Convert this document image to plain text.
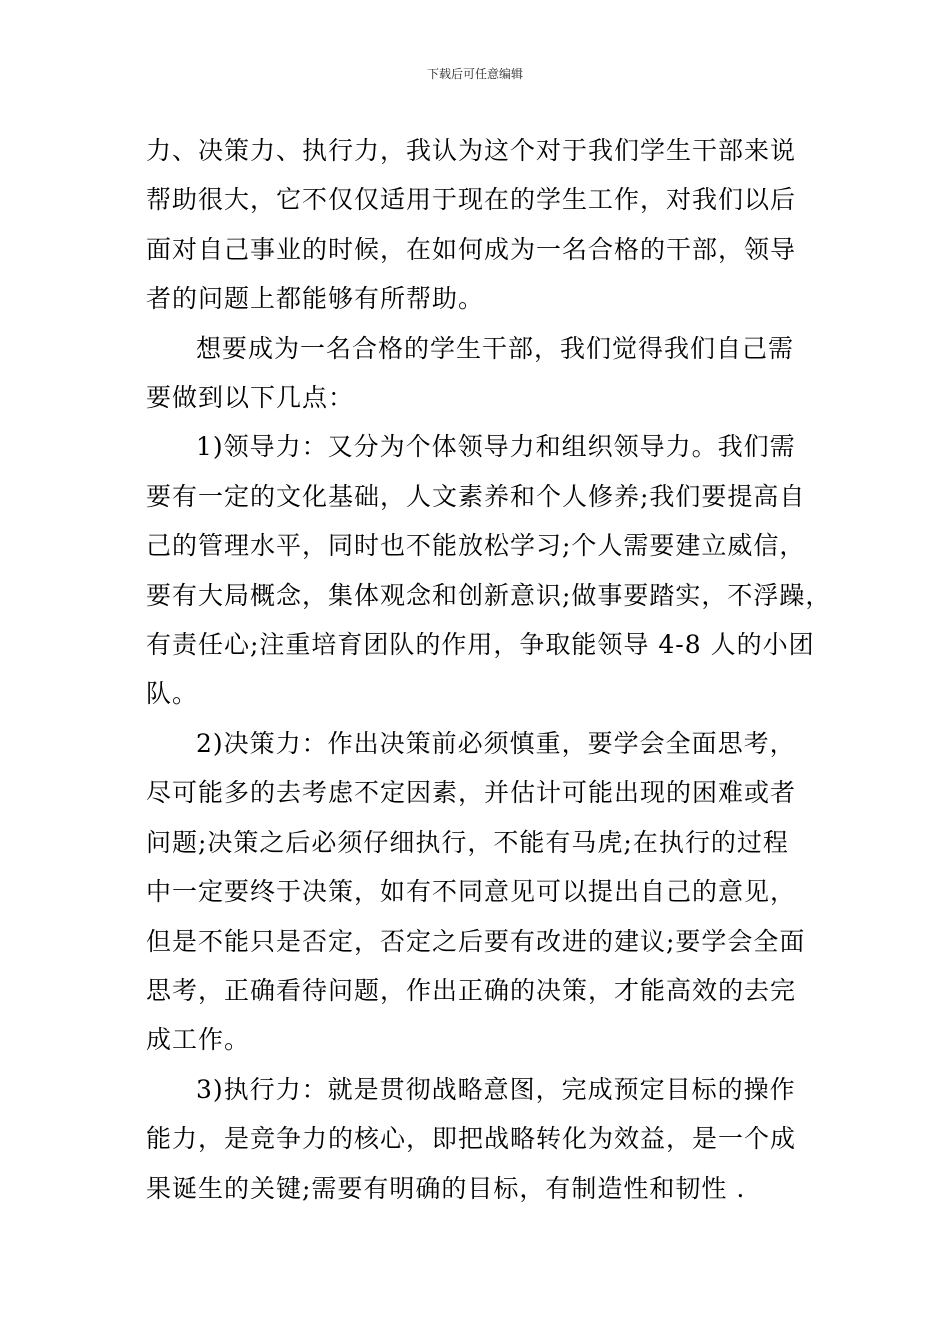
下载后可任意编辑

力、决策力、执行力，我认为这个对于我们学生干部来说
帮助很大，它不仅仅适用于现在的学生工作，对我们以后
面对自己事业的时候，在如何成为一名合格的干部，领导
者的问题上都能够有所帮助。

想要成为一名合格的学生干部，我们觉得我们自己需
要做到以下几点：

1)领导力：又分为个体领导力和组织领导力。我们需
要有一定的文化基础，人文素养和个人修养;我们要提高自
己的管理水平，同时也不能放松学习;个人需要建立威信，
要有大局概念，集体观念和创新意识;做事要踏实，不浮躁，
有责任心;注重培育团队的作用，争取能领导 4-8 人的小团
队。

2)决策力：作出决策前必须慎重，要学会全面思考，
尽可能多的去考虑不定因素，并估计可能出现的困难或者
问题;决策之后必须仔细执行，不能有马虎;在执行的过程
中一定要终于决策，如有不同意见可以提出自己的意见，
但是不能只是否定，否定之后要有改进的建议;要学会全面
思考，正确看待问题，作出正确的决策，才能高效的去完
成工作。

3)执行力：就是贯彻战略意图，完成预定目标的操作
能力，是竞争力的核心，即把战略转化为效益，是一个成
果诞生的关键;需要有明确的目标，有制造性和韧性 .
